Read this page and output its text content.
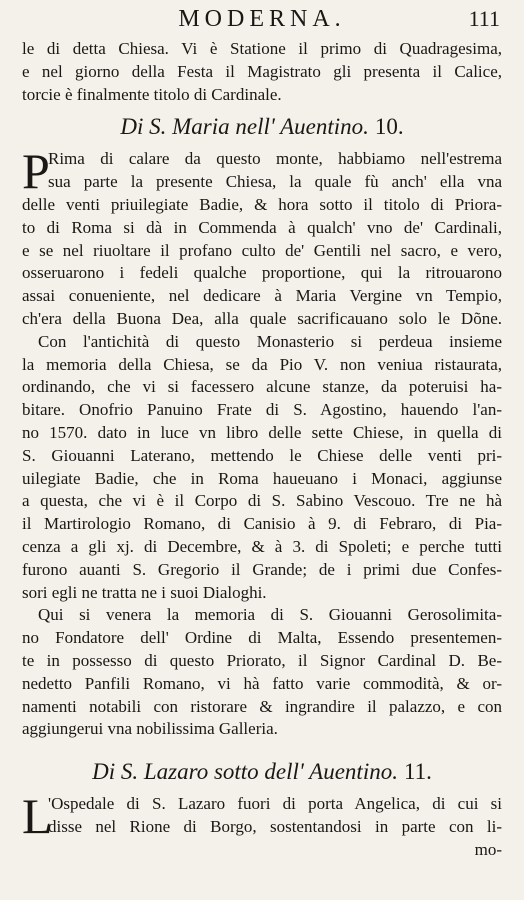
MODERNA.	111
le di detta Chiesa. Vi è Statione il primo di Quadragesima,
e nel giorno della Festa il Magistrato gli presenta il Calice,
torcie è finalmente titolo di Cardinale.
Di S. Maria nell' Auentino. 10.
P
Rima di calare da questo monte, habbiamo nell'estrema
sua parte la presente Chiesa, la quale fù anch' ella vna
delle venti priuilegiate Badie, & hora sotto il titolo di Priora-
to di Roma si dà in Commenda à qualch' vno de' Cardinali,
e se nel riuoltare il profano culto de' Gentili nel sacro, e vero,
osseruarono i fedeli qualche proportione, qui la ritrouarono
assai conueniente, nel dedicare à Maria Vergine vn Tempio,
ch'era della Buona Dea, alla quale sacrificauano solo le Dõne.
Con l'antichità di questo Monasterio si perdeua insieme
la memoria della Chiesa, se da Pio V. non veniua ristaurata,
ordinando, che vi si facessero alcune stanze, da poteruisi ha-
bitare. Onofrio Panuino Frate di S. Agostino, hauendo l'an-
no 1570. dato in luce vn libro delle sette Chiese, in quella di
S. Giouanni Laterano, mettendo le Chiese delle venti pri-
uilegiate Badie, che in Roma haueuano i Monaci, aggiunse
a questa, che vi è il Corpo di S. Sabino Vescouo. Tre ne hà
il Martirologio Romano, di Canisio à 9. di Febraro, di Pia-
cenza a gli xj. di Decembre, & à 3. di Spoleti; e perche tutti
furono auanti S. Gregorio il Grande; de i primi due Confes-
sori egli ne tratta ne i suoi Dialoghi.
Qui si venera la memoria di S. Giouanni Gerosolimita-
no Fondatore dell' Ordine di Malta, Essendo presentemen-
te in possesso di questo Priorato, il Signor Cardinal D. Be-
nedetto Panfili Romano, vi hà fatto varie commodità, & or-
namenti notabili con ristorare & ingrandire il palazzo, e con
aggiungerui vna nobilissima Galleria.
Di S. Lazaro sotto dell' Auentino. 11.
L
'Ospedale di S. Lazaro fuori di porta Angelica, di cui si
disse nel Rione di Borgo, sostentandosi in parte con li-
mo-
